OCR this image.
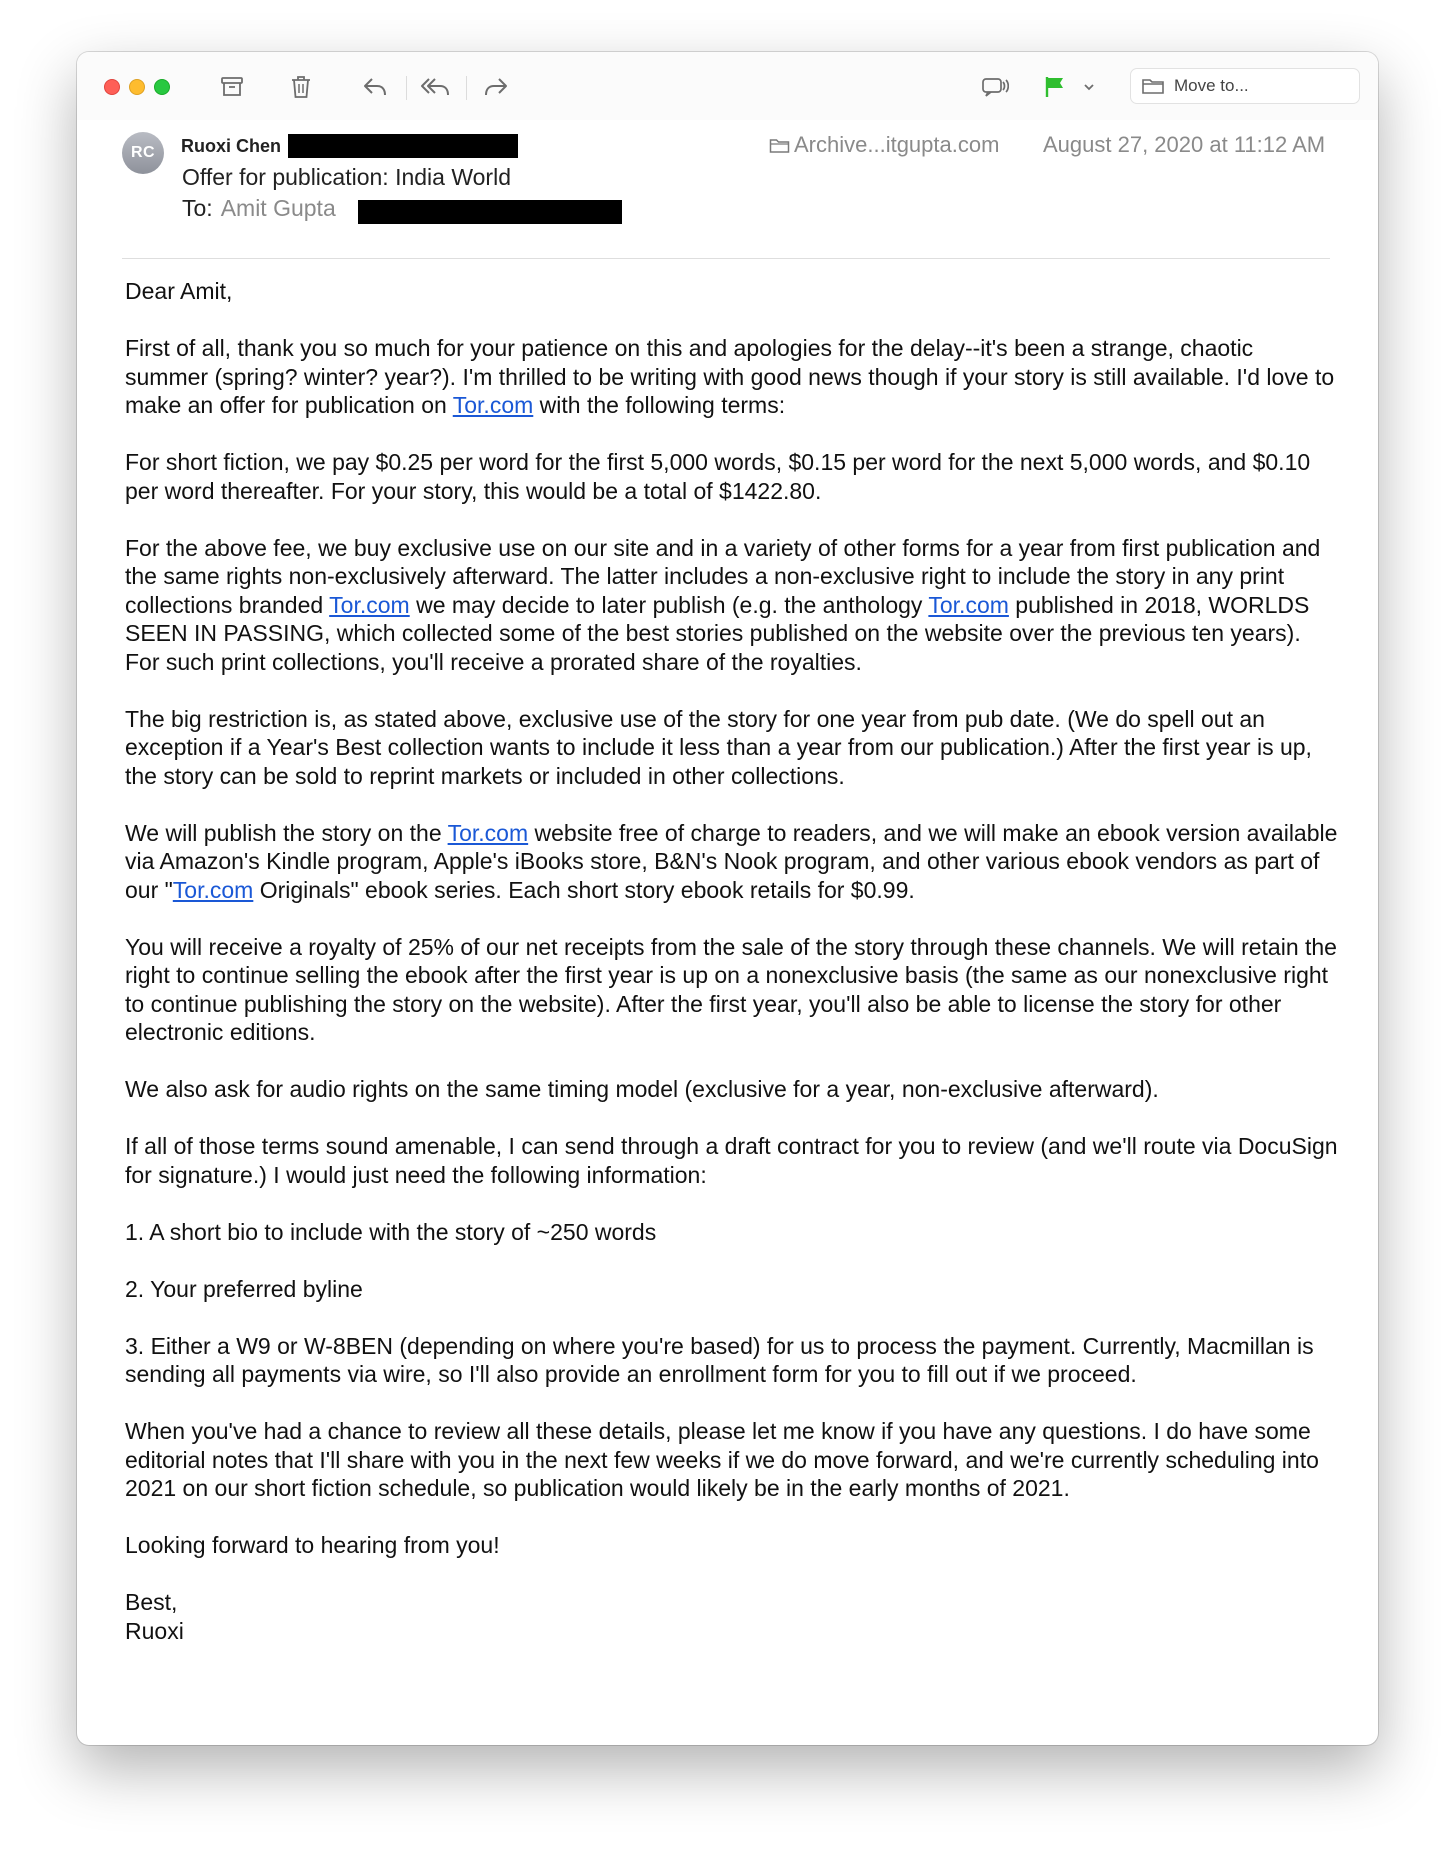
Move to...
RC	Ruoxi Chen
Offer for publication: India World
To: Amit Gupta
Archive...itgupta.com August 27, 2020 at 11:12 AM

Dear Amit,

First of all, thank you so much for your patience on this and apologies for the delay--it's been a strange, chaotic summer (spring? winter? year?). I'm thrilled to be writing with good news though if your story is still available. I'd love to make an offer for publication on Tor.com with the following terms:

For short fiction, we pay $0.25 per word for the first 5,000 words, $0.15 per word for the next 5,000 words, and $0.10 per word thereafter. For your story, this would be a total of $1422.80.

For the above fee, we buy exclusive use on our site and in a variety of other forms for a year from first publication and the same rights non-exclusively afterward. The latter includes a non-exclusive right to include the story in any print collections branded Tor.com we may decide to later publish (e.g. the anthology Tor.com published in 2018, WORLDS SEEN IN PASSING, which collected some of the best stories published on the website over the previous ten years). For such print collections, you'll receive a prorated share of the royalties.

The big restriction is, as stated above, exclusive use of the story for one year from pub date. (We do spell out an exception if a Year's Best collection wants to include it less than a year from our publication.) After the first year is up, the story can be sold to reprint markets or included in other collections.

We will publish the story on the Tor.com website free of charge to readers, and we will make an ebook version available via Amazon's Kindle program, Apple's iBooks store, B&N's Nook program, and other various ebook vendors as part of our "Tor.com Originals" ebook series. Each short story ebook retails for $0.99.

You will receive a royalty of 25% of our net receipts from the sale of the story through these channels. We will retain the right to continue selling the ebook after the first year is up on a nonexclusive basis (the same as our nonexclusive right to continue publishing the story on the website). After the first year, you'll also be able to license the story for other electronic editions.

We also ask for audio rights on the same timing model (exclusive for a year, non-exclusive afterward).

If all of those terms sound amenable, I can send through a draft contract for you to review (and we'll route via DocuSign for signature.) I would just need the following information:

1. A short bio to include with the story of ~250 words

2. Your preferred byline

3. Either a W9 or W-8BEN (depending on where you're based) for us to process the payment. Currently, Macmillan is sending all payments via wire, so I'll also provide an enrollment form for you to fill out if we proceed.

When you've had a chance to review all these details, please let me know if you have any questions. I do have some editorial notes that I'll share with you in the next few weeks if we do move forward, and we're currently scheduling into 2021 on our short fiction schedule, so publication would likely be in the early months of 2021.

Looking forward to hearing from you!

Best,
Ruoxi
